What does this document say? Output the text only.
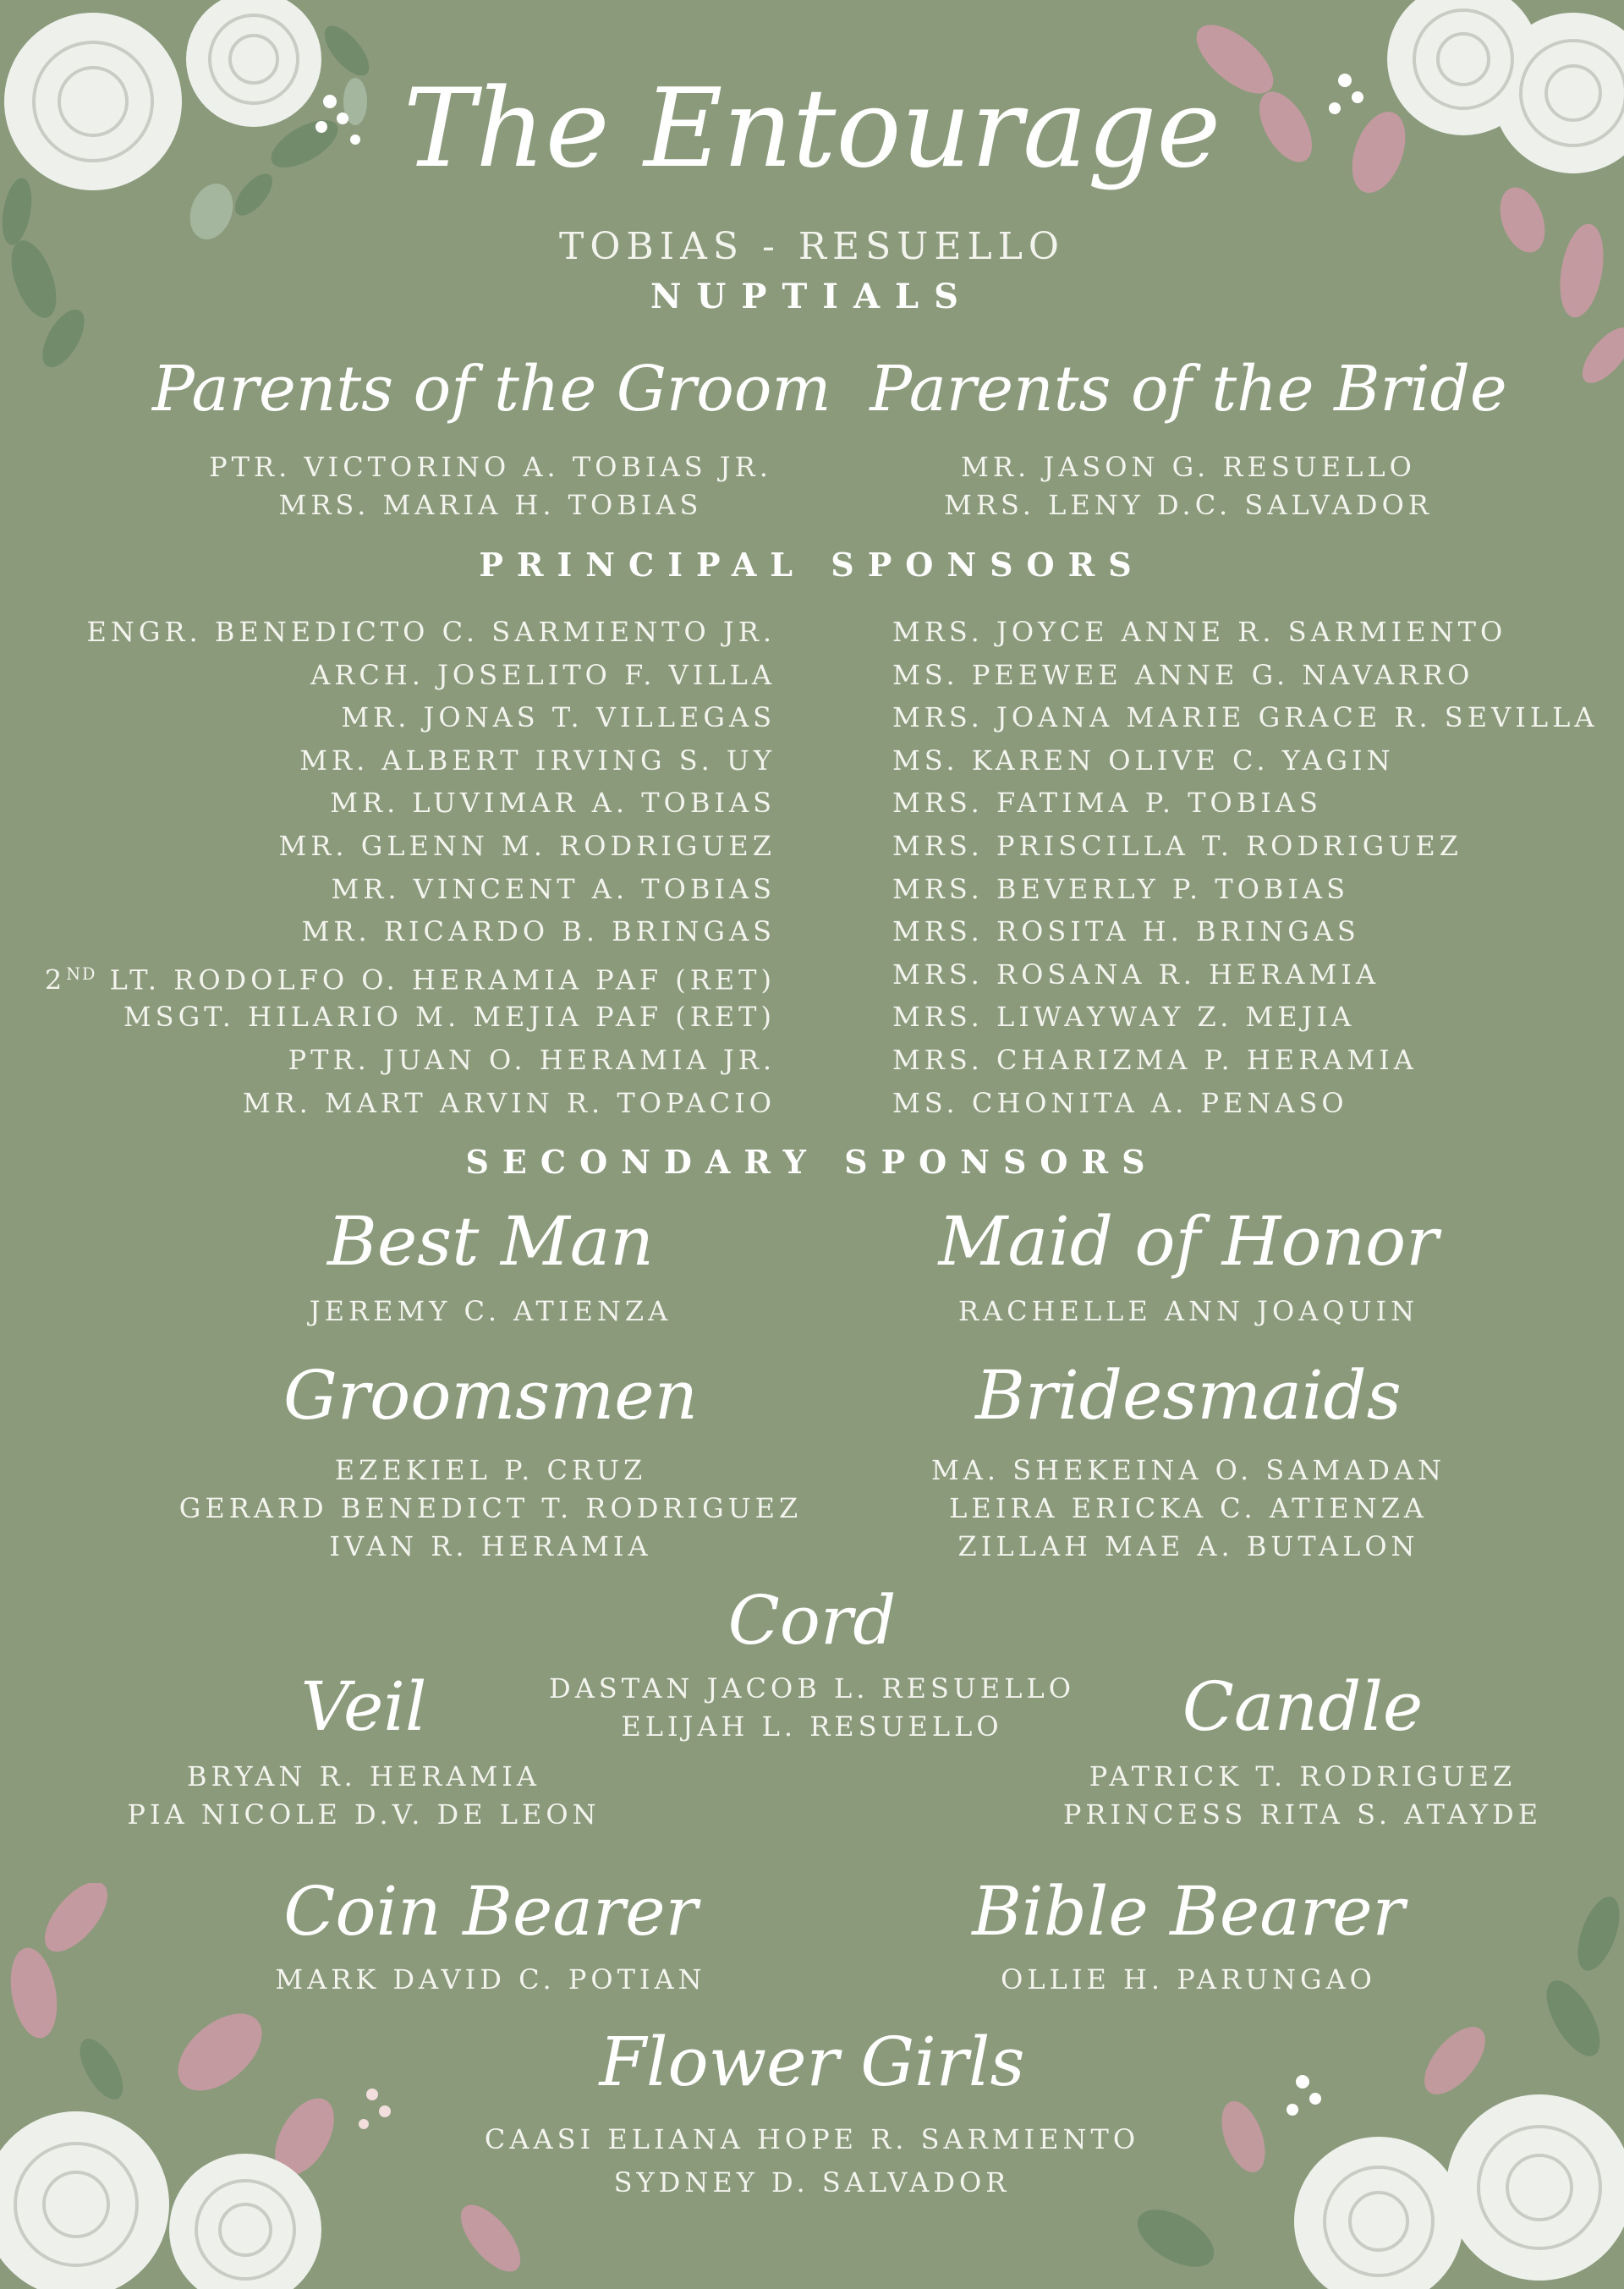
The Entourage
TOBIAS - RESUELLO
NUPTIALS
Parents of the Groom
PTR. VICTORINO A. TOBIAS JR.
MRS. MARIA H. TOBIAS
Parents of the Bride
MR. JASON G. RESUELLO
MRS. LENY D.C. SALVADOR
PRINCIPAL SPONSORS
ENGR. BENEDICTO C. SARMIENTO JR.
ARCH. JOSELITO F. VILLA
MR. JONAS T. VILLEGAS
MR. ALBERT IRVING S. UY
MR. LUVIMAR A. TOBIAS
MR. GLENN M. RODRIGUEZ
MR. VINCENT A. TOBIAS
MR. RICARDO B. BRINGAS
2ND LT. RODOLFO O. HERAMIA PAF (RET)
MSGT. HILARIO M. MEJIA PAF (RET)
PTR. JUAN O. HERAMIA JR.
MR. MART ARVIN R. TOPACIO
MRS. JOYCE ANNE R. SARMIENTO
MS. PEEWEE ANNE G. NAVARRO
MRS. JOANA MARIE GRACE R. SEVILLA
MS. KAREN OLIVE C. YAGIN
MRS. FATIMA P. TOBIAS
MRS. PRISCILLA T. RODRIGUEZ
MRS. BEVERLY P. TOBIAS
MRS. ROSITA H. BRINGAS
MRS. ROSANA R. HERAMIA
MRS. LIWAYWAY Z. MEJIA
MRS. CHARIZMA P. HERAMIA
MS. CHONITA A. PENASO
SECONDARY SPONSORS
Best Man
JEREMY C. ATIENZA
Maid of Honor
RACHELLE ANN JOAQUIN
Groomsmen
EZEKIEL P. CRUZ
GERARD BENEDICT T. RODRIGUEZ
IVAN R. HERAMIA
Bridesmaids
MA. SHEKEINA O. SAMADAN
LEIRA ERICKA C. ATIENZA
ZILLAH MAE A. BUTALON
Cord
DASTAN JACOB L. RESUELLO
ELIJAH L. RESUELLO
Veil
BRYAN R. HERAMIA
PIA NICOLE D.V. DE LEON
Candle
PATRICK T. RODRIGUEZ
PRINCESS RITA S. ATAYDE
Coin Bearer
MARK DAVID C. POTIAN
Bible Bearer
OLLIE H. PARUNGAO
Flower Girls
CAASI ELIANA HOPE R. SARMIENTO
SYDNEY D. SALVADOR
